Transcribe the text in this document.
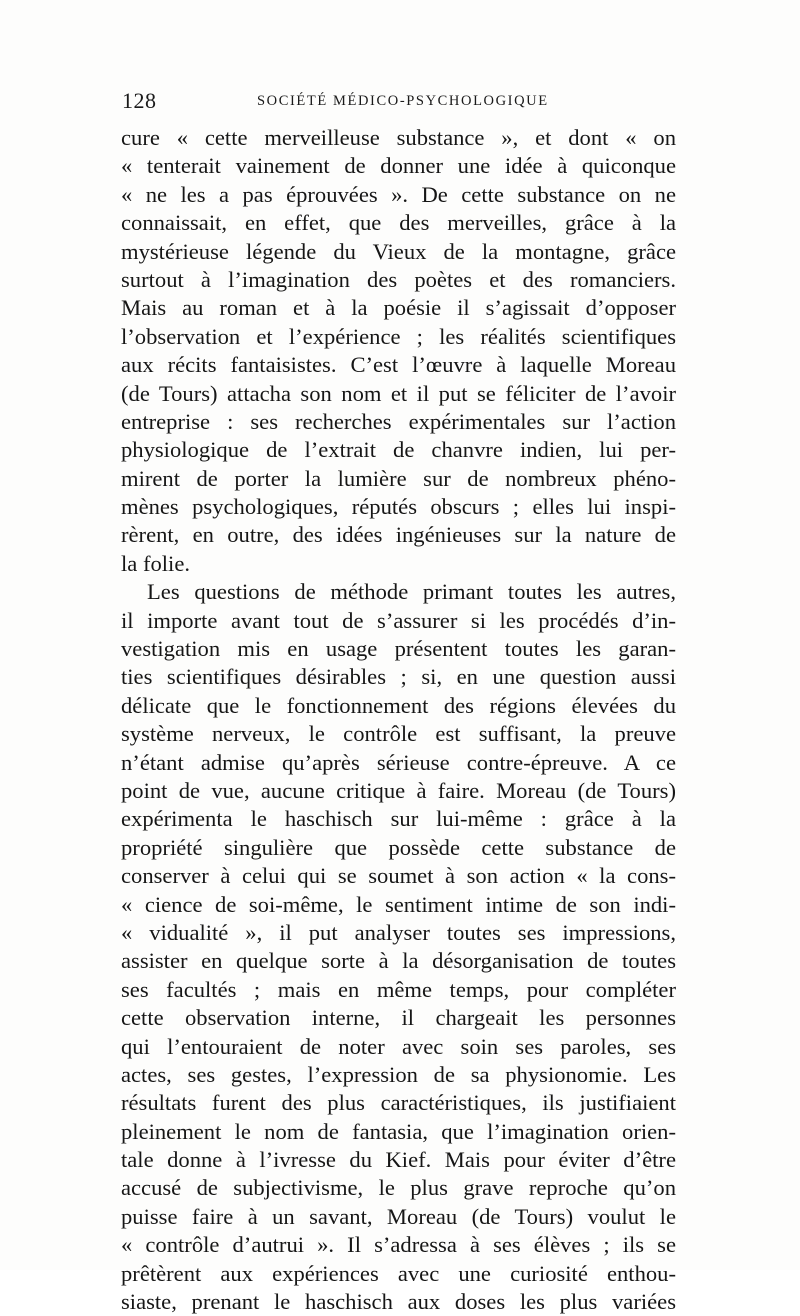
128	SOCIÉTÉ MÉDICO-PSYCHOLOGIQUE
cure « cette merveilleuse substance », et dont « on
« tenterait vainement de donner une idée à quiconque
« ne les a pas éprouvées ». De cette substance on ne
connaissait, en effet, que des merveilles, grâce à la
mystérieuse légende du Vieux de la montagne, grâce
surtout à l’imagination des poètes et des romanciers.
Mais au roman et à la poésie il s’agissait d’opposer
l’observation et l’expérience ; les réalités scientifiques
aux récits fantaisistes. C’est l’œuvre à laquelle Moreau
(de Tours) attacha son nom et il put se féliciter de l’avoir
entreprise : ses recherches expérimentales sur l’action
physiologique de l’extrait de chanvre indien, lui per-
mirent de porter la lumière sur de nombreux phéno-
mènes psychologiques, réputés obscurs ; elles lui inspi-
rèrent, en outre, des idées ingénieuses sur la nature de
la folie.
Les questions de méthode primant toutes les autres,
il importe avant tout de s’assurer si les procédés d’in-
vestigation mis en usage présentent toutes les garan-
ties scientifiques désirables ; si, en une question aussi
délicate que le fonctionnement des régions élevées du
système nerveux, le contrôle est suffisant, la preuve
n’étant admise qu’après sérieuse contre-épreuve. A ce
point de vue, aucune critique à faire. Moreau (de Tours)
expérimenta le haschisch sur lui-même : grâce à la
propriété singulière que possède cette substance de
conserver à celui qui se soumet à son action « la cons-
« cience de soi-même, le sentiment intime de son indi-
« vidualité », il put analyser toutes ses impressions,
assister en quelque sorte à la désorganisation de toutes
ses facultés ; mais en même temps, pour compléter
cette observation interne, il chargeait les personnes
qui l’entouraient de noter avec soin ses paroles, ses
actes, ses gestes, l’expression de sa physionomie. Les
résultats furent des plus caractéristiques, ils justifiaient
pleinement le nom de fantasia, que l’imagination orien-
tale donne à l’ivresse du Kief. Mais pour éviter d’être
accusé de subjectivisme, le plus grave reproche qu’on
puisse faire à un savant, Moreau (de Tours) voulut le
« contrôle d’autrui ». Il s’adressa à ses élèves ; ils se
prêtèrent aux expériences avec une curiosité enthou-
siaste, prenant le haschisch aux doses les plus variées
